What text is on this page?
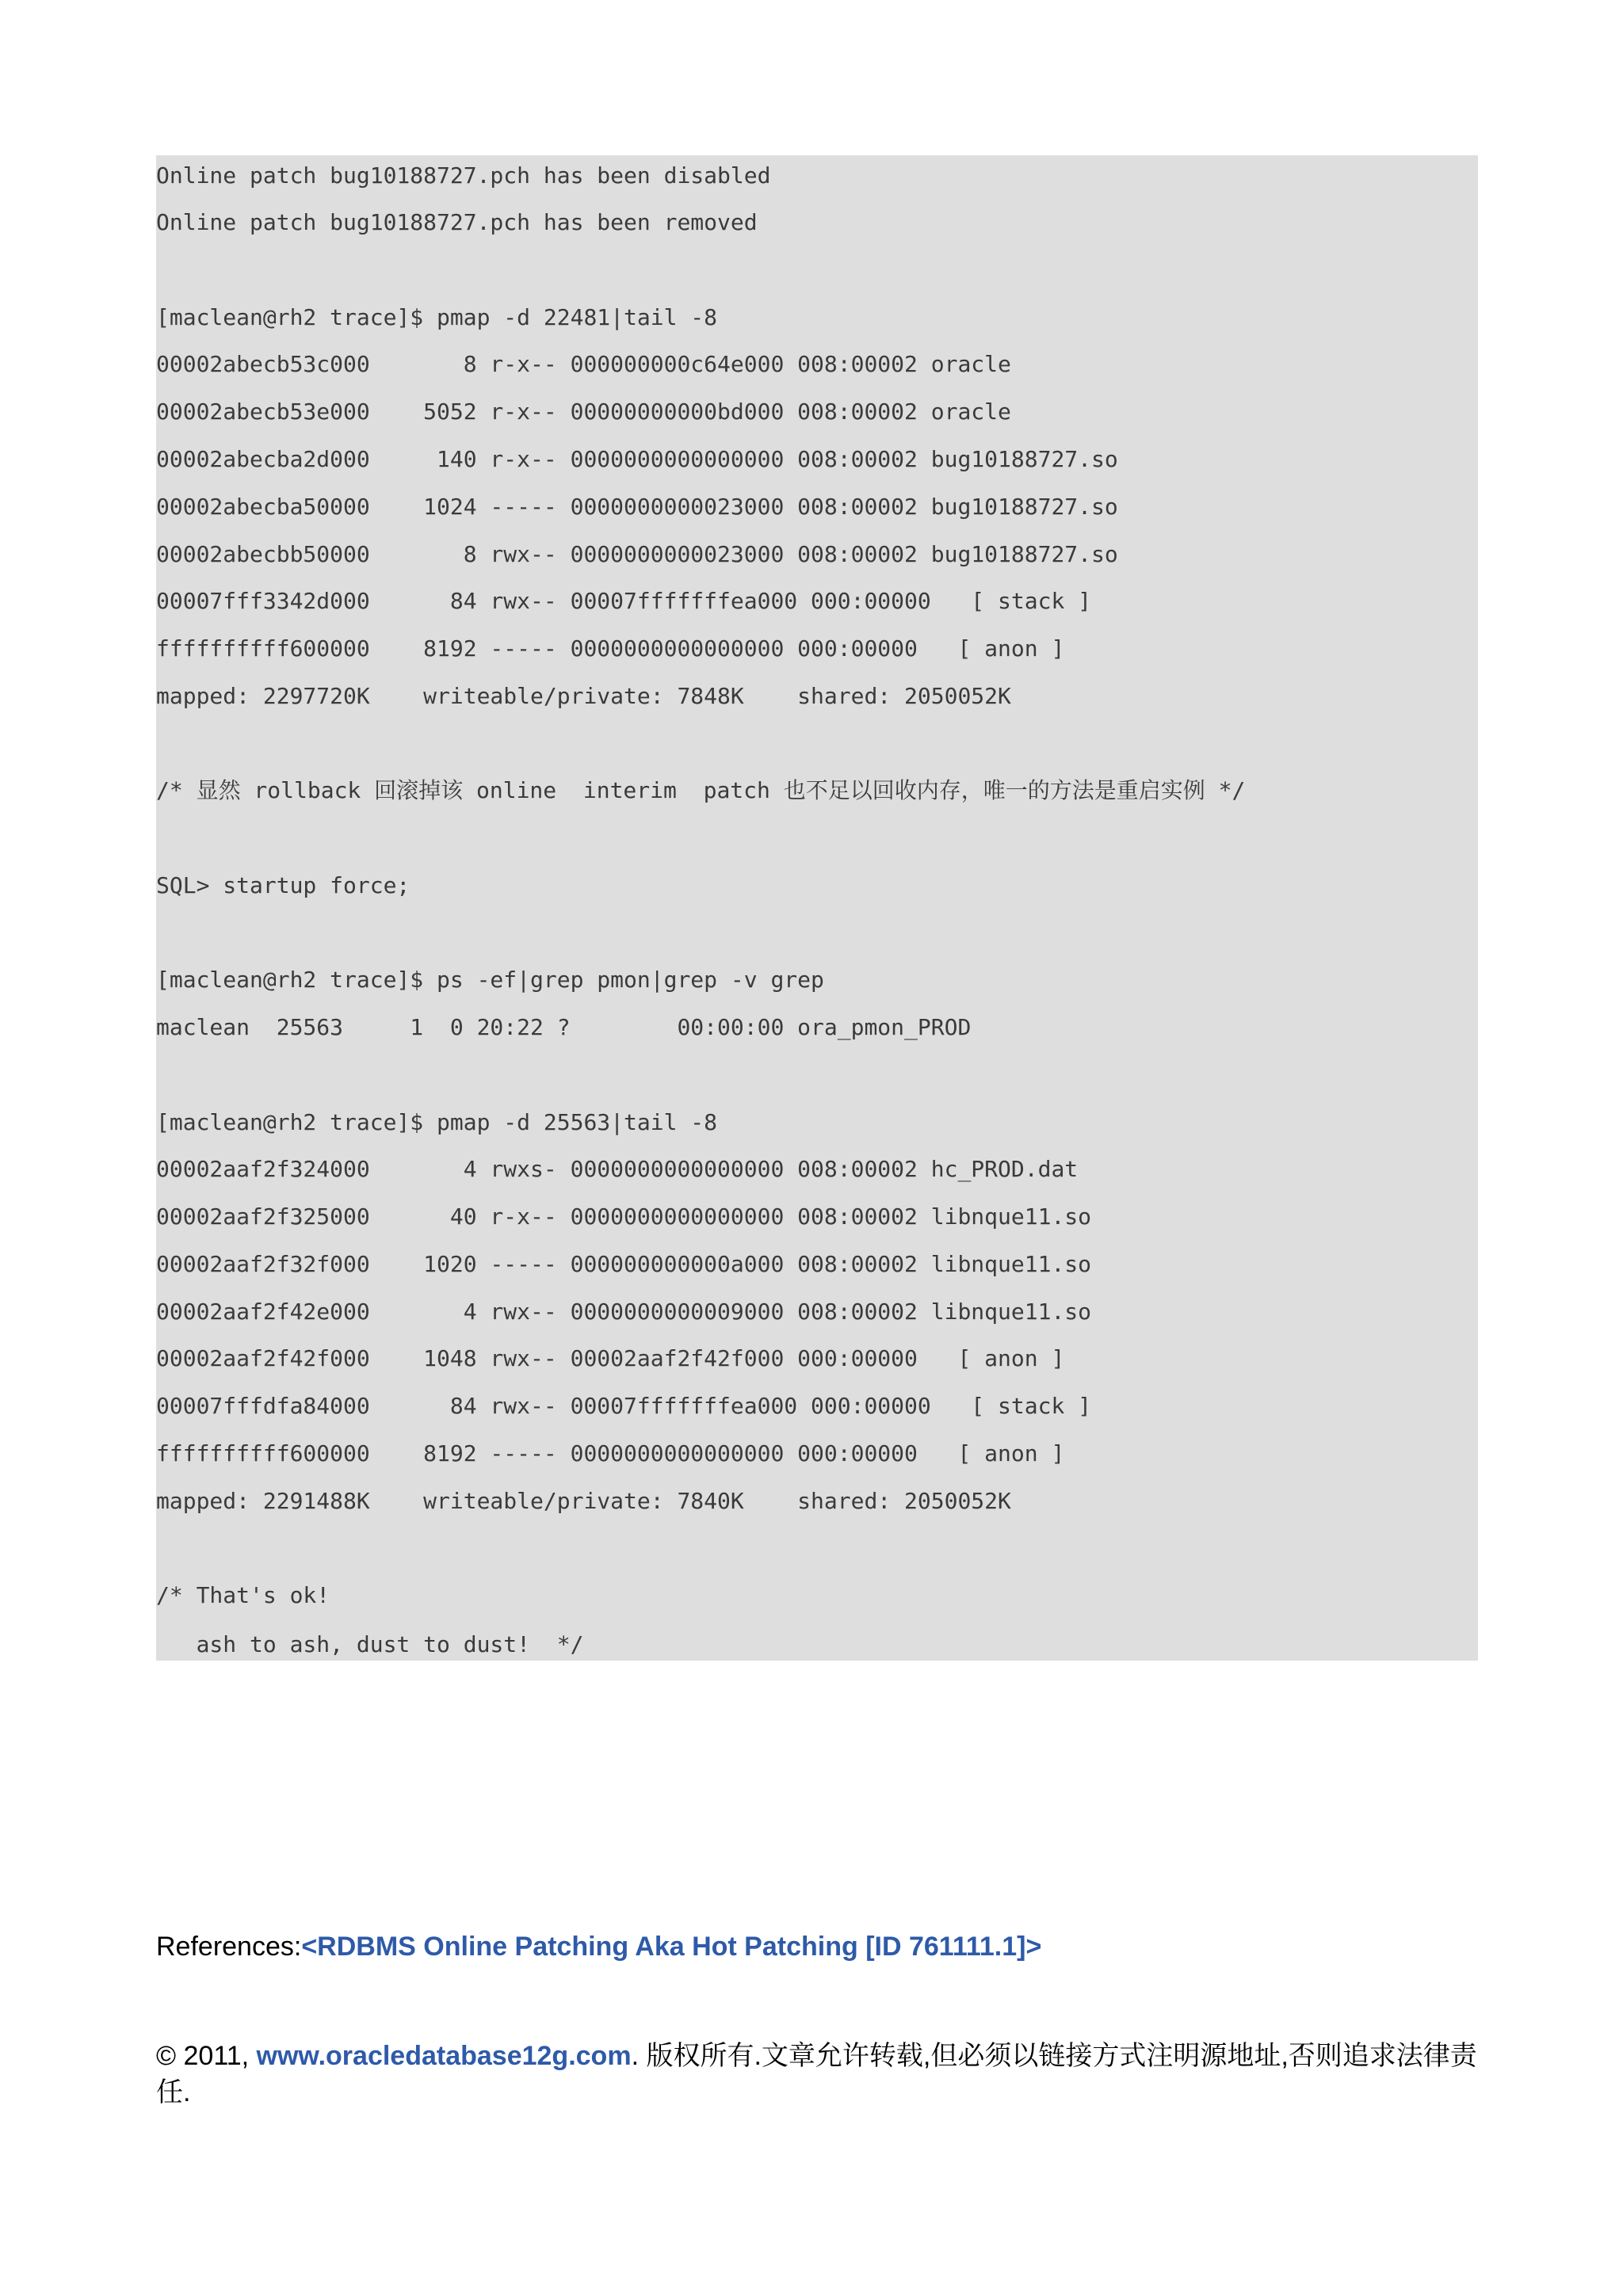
Online patch bug10188727.pch has been disabled
Online patch bug10188727.pch has been removed
[maclean@rh2 trace]$ pmap -d 22481|tail -8
00002abecb53c000       8 r-x-- 000000000c64e000 008:00002 oracle
00002abecb53e000    5052 r-x-- 00000000000bd000 008:00002 oracle
00002abecba2d000     140 r-x-- 0000000000000000 008:00002 bug10188727.so
00002abecba50000    1024 ----- 0000000000023000 008:00002 bug10188727.so
00002abecbb50000       8 rwx-- 0000000000023000 008:00002 bug10188727.so
00007fff3342d000      84 rwx-- 00007fffffffea000 000:00000   [ stack ]
ffffffffff600000    8192 ----- 0000000000000000 000:00000   [ anon ]
mapped: 2297720K    writeable/private: 7848K    shared: 2050052K
/* 显然 rollback 回滚掉该 online  interim  patch 也不足以回收内存，唯一的方法是重启实例 */
SQL> startup force;
[maclean@rh2 trace]$ ps -ef|grep pmon|grep -v grep
maclean  25563     1  0 20:22 ?        00:00:00 ora_pmon_PROD
[maclean@rh2 trace]$ pmap -d 25563|tail -8
00002aaf2f324000       4 rwxs- 0000000000000000 008:00002 hc_PROD.dat
00002aaf2f325000      40 r-x-- 0000000000000000 008:00002 libnque11.so
00002aaf2f32f000    1020 ----- 000000000000a000 008:00002 libnque11.so
00002aaf2f42e000       4 rwx-- 0000000000009000 008:00002 libnque11.so
00002aaf2f42f000    1048 rwx-- 00002aaf2f42f000 000:00000   [ anon ]
00007fffdfa84000      84 rwx-- 00007fffffffea000 000:00000   [ stack ]
ffffffffff600000    8192 ----- 0000000000000000 000:00000   [ anon ]
mapped: 2291488K    writeable/private: 7840K    shared: 2050052K
/* That's ok!
ash to ash, dust to dust!  */
References:<RDBMS Online Patching Aka Hot Patching [ID 761111.1]>
© 2011, www.oracledatabase12g.com. 版权所有.文章允许转载,但必须以链接方式注明源地址,否则追求法律责任.
